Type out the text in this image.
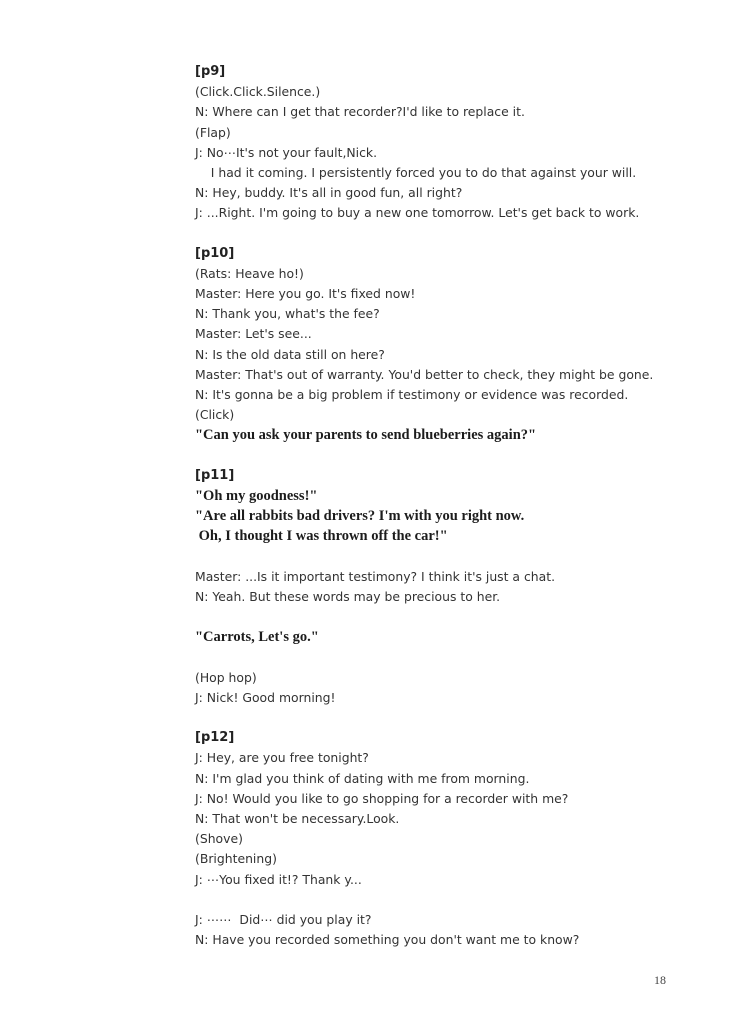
[p9]
(Click.Click.Silence.)
N: Where can I get that recorder?I'd like to replace it.
(Flap)
J: No⋯It's not your fault,Nick.
I had it coming. I persistently forced you to do that against your will.
N: Hey, buddy. It's all in good fun, all right?
J: ...Right. I'm going to buy a new one tomorrow. Let's get back to work.
[p10]
(Rats: Heave ho!)
Master: Here you go. It's fixed now!
N: Thank you, what's the fee?
Master: Let's see...
N: Is the old data still on here?
Master: That's out of warranty. You'd better to check, they might be gone.
N: It's gonna be a big problem if testimony or evidence was recorded.
(Click)
"Can you ask your parents to send blueberries again?"
[p11]
"Oh my goodness!"
"Are all rabbits bad drivers? I'm with you right now.
Oh, I thought I was thrown off the car!"
Master: ...Is it important testimony? I think it's just a chat.
N: Yeah. But these words may be precious to her.
"Carrots, Let's go."
(Hop hop)
J: Nick! Good morning!
[p12]
J: Hey, are you free tonight?
N: I'm glad you think of dating with me from morning.
J: No! Would you like to go shopping for a recorder with me?
N: That won't be necessary.Look.
(Shove)
(Brightening)
J: ⋯You fixed it!? Thank y...
J: ⋯⋯  Did⋯ did you play it?
N: Have you recorded something you don't want me to know?
18
